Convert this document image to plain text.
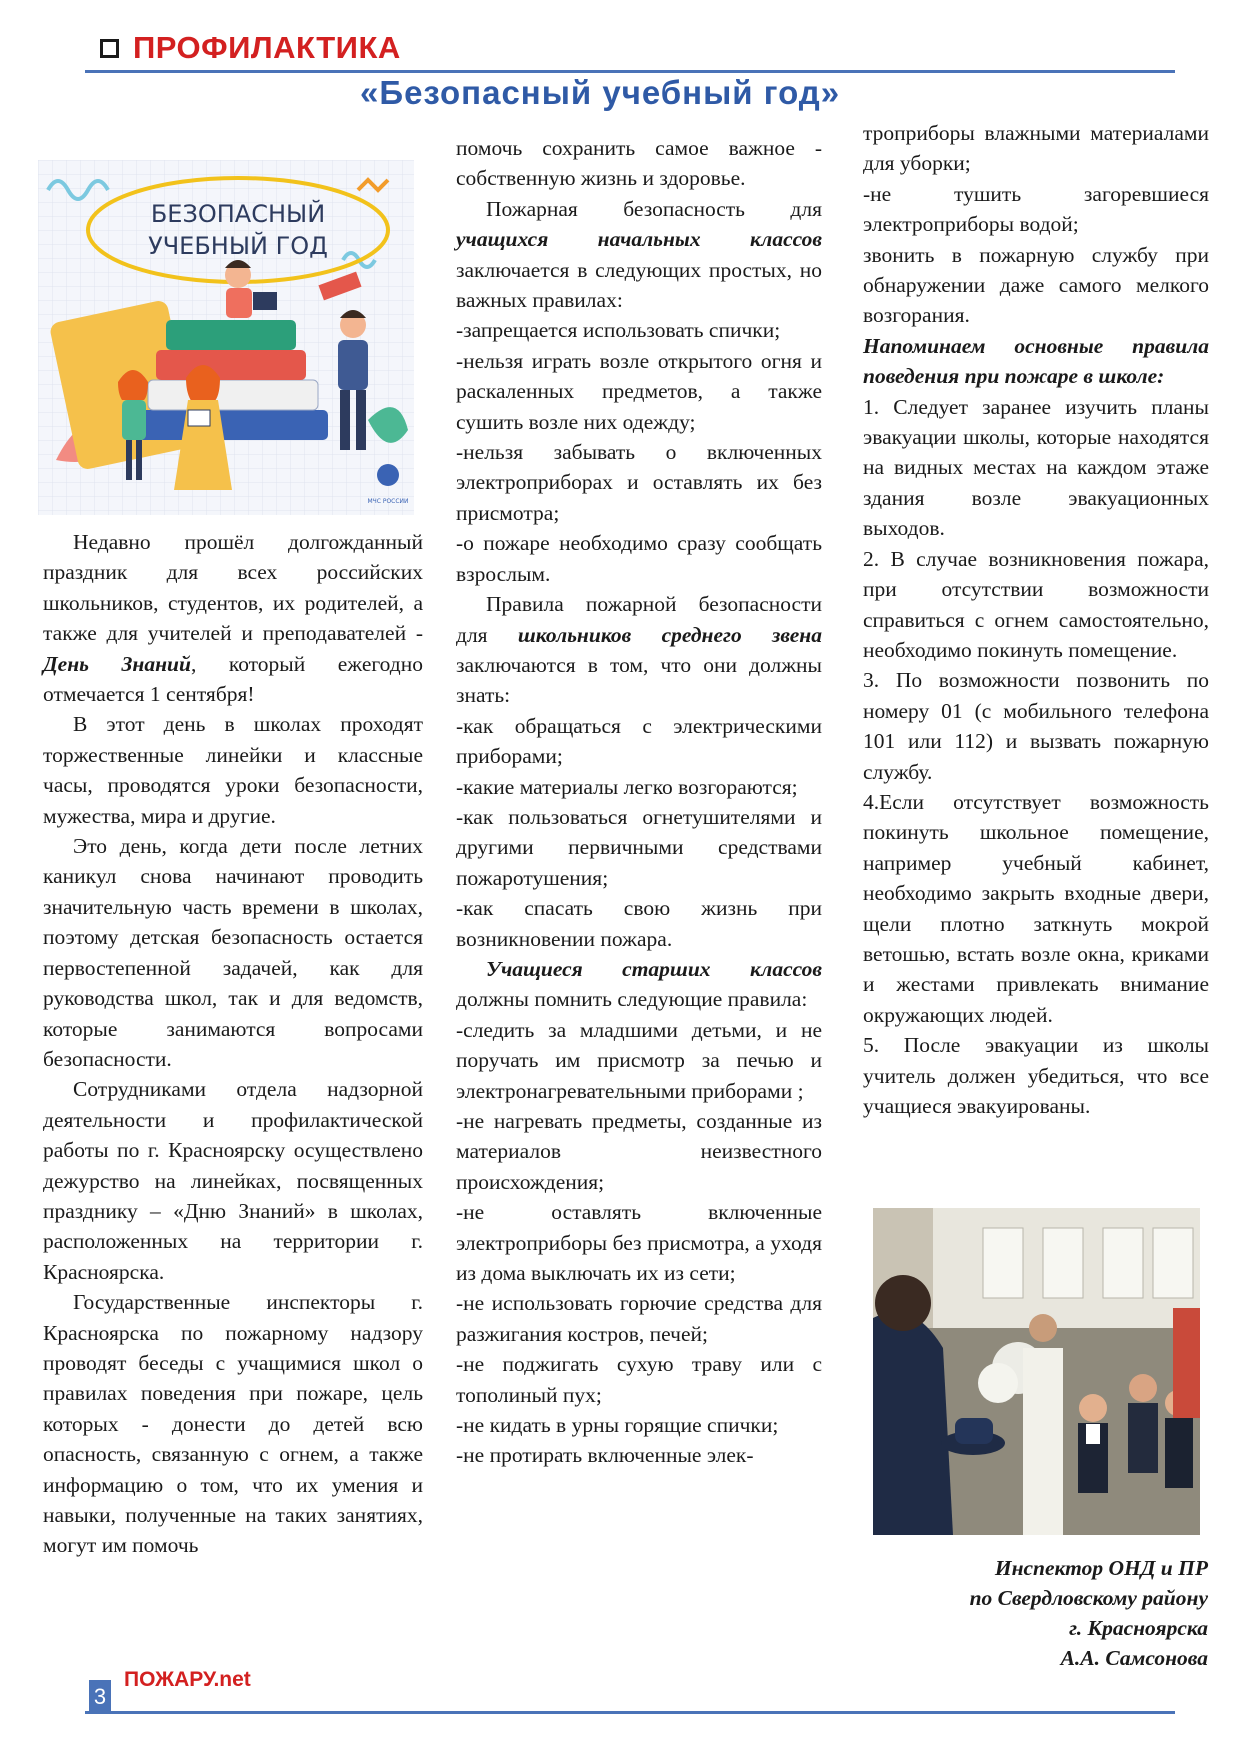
ПРОФИЛАКТИКА
«Безопасный учебный год»
БЕЗОПАСНЫЙ
УЧЕБНЫЙ ГОД
МЧС РОССИИ

Недавно прошёл долгожданный праздник для всех российских школьников, студентов, их родителей, а также для учителей и преподавателей - День Знаний, который ежегодно отмечается 1 сентября!

В этот день в школах проходят торжественные линейки и классные часы, проводятся уроки безопасности, мужества, мира и другие.

Это день, когда дети после летних каникул снова начинают проводить значительную часть времени в школах, поэтому детская безопасность остается первостепенной задачей, как для руководства школ, так и для ведомств, которые занимаются вопросами безопасности.

Сотрудниками отдела надзорной деятельности и профилактической работы по г. Красноярску осуществлено дежурство на линейках, посвященных празднику – «Дню Знаний» в школах, расположенных на территории г. Красноярска.

Государственные инспекторы г. Красноярска по пожарному надзору проводят беседы с учащимися школ о правилах поведения при пожаре, цель которых - донести до детей всю опасность, связанную с огнем, а также информацию о том, что их умения и навыки, полученные на таких занятиях, могут им помочь

помочь сохранить самое важное - собственную жизнь и здоровье.

Пожарная безопасность для учащихся начальных классов заключается в следующих простых, но важных правилах:

-запрещается использовать спички;

-нельзя играть возле открытого огня и раскаленных предметов, а также сушить возле них одежду;

-нельзя забывать о включенных электроприборах и оставлять их без присмотра;

-о пожаре необходимо сразу сообщать взрослым.

Правила пожарной безопасности для школьников среднего звена заключаются в том, что они должны знать:

-как обращаться с электрическими приборами;

-какие материалы легко возгораются;

-как пользоваться огнетушителями и другими первичными средствами пожаротушения;

-как спасать свою жизнь при возникновении пожара.

Учащиеся старших классов должны помнить следующие правила:

-следить за младшими детьми, и не поручать им присмотр за печью и электронагревательными приборами ;

-не нагревать предметы, созданные из материалов неизвестного происхождения;

-не оставлять включенные электроприборы без присмотра, а уходя из дома выключать их из сети;

-не использовать горючие средства для разжигания костров, печей;

-не поджигать сухую траву или с тополиный пух;

-не кидать в урны горящие спички;

-не протирать включенные элек-

троприборы влажными материалами для уборки;

-не тушить загоревшиеся электроприборы водой;

звонить в пожарную службу при обнаружении даже самого мелкого возгорания.

Напоминаем основные правила поведения при пожаре в школе:

1. Следует заранее изучить планы эвакуации школы, которые находятся на видных местах на каждом этаже здания возле эвакуационных выходов.

2. В случае возникновения пожара, при отсутствии возможности справиться с огнем самостоятельно, необходимо покинуть помещение.

3. По возможности позвонить по номеру 01 (с мобильного телефона 101 или 112) и вызвать пожарную службу.

4.Если отсутствует возможность покинуть школьное помещение, например учебный кабинет, необходимо закрыть входные двери, щели плотно заткнуть мокрой ветошью, встать возле окна, криками и жестами привлекать внимание окружающих людей.

5. После эвакуации из школы учитель должен убедиться, что все учащиеся эвакуированы.

Инспектор ОНД и ПР
по Свердловскому району
г. Красноярска
А.А. Самсонова
3
ПОЖАРУ.net
